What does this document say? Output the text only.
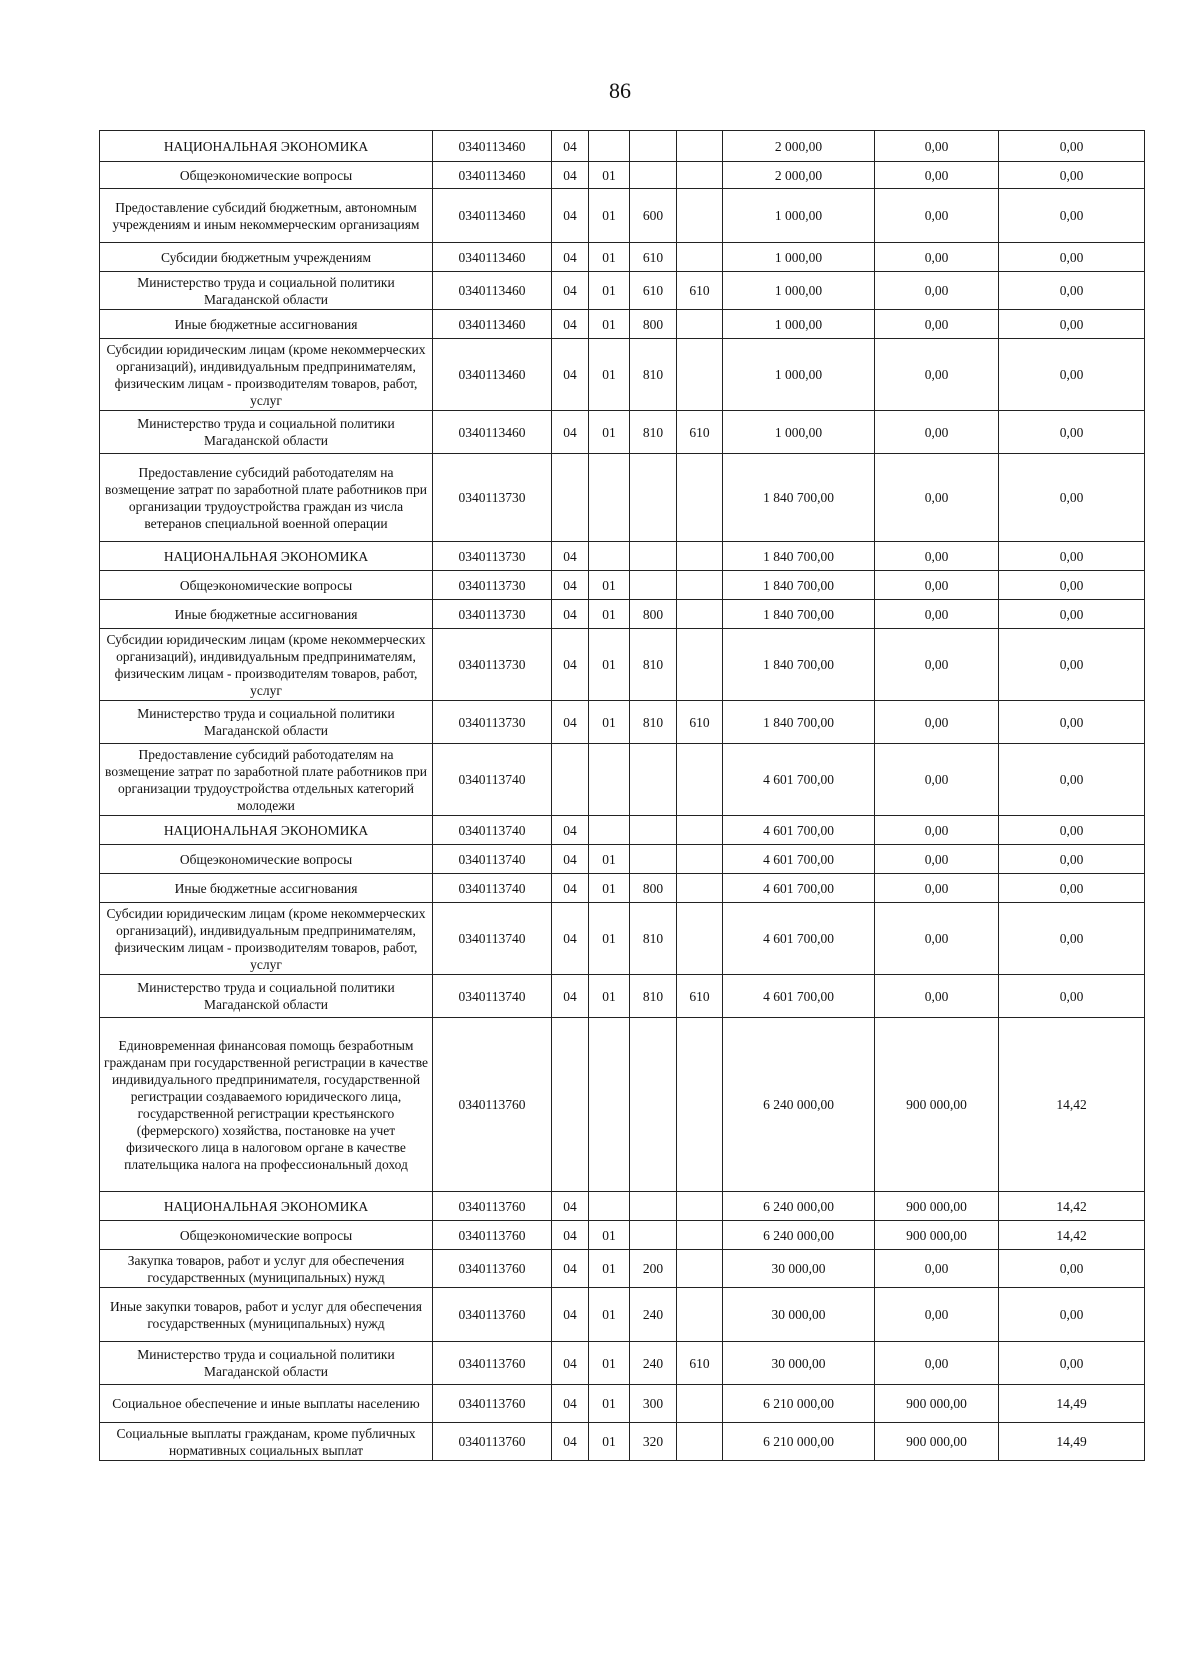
86
НАЦИОНАЛЬНАЯ ЭКОНОМИКА	0340113460	04				2 000,00	0,00	0,00
Общеэкономические вопросы	0340113460	04	01			2 000,00	0,00	0,00
Предоставление субсидий бюджетным, автономным учреждениям и иным некоммерческим организациям	0340113460	04	01	600		1 000,00	0,00	0,00
Субсидии бюджетным учреждениям	0340113460	04	01	610		1 000,00	0,00	0,00
Министерство труда и социальной политики Магаданской области	0340113460	04	01	610	610	1 000,00	0,00	0,00
Иные бюджетные ассигнования	0340113460	04	01	800		1 000,00	0,00	0,00
Субсидии юридическим лицам (кроме некоммерческих организаций), индивидуальным предпринимателям, физическим лицам - производителям товаров, работ, услуг	0340113460	04	01	810		1 000,00	0,00	0,00
Министерство труда и социальной политики Магаданской области	0340113460	04	01	810	610	1 000,00	0,00	0,00
Предоставление субсидий работодателям на возмещение затрат по заработной плате работников при организации трудоустройства граждан из числа ветеранов специальной военной операции	0340113730					1 840 700,00	0,00	0,00
НАЦИОНАЛЬНАЯ ЭКОНОМИКА	0340113730	04				1 840 700,00	0,00	0,00
Общеэкономические вопросы	0340113730	04	01			1 840 700,00	0,00	0,00
Иные бюджетные ассигнования	0340113730	04	01	800		1 840 700,00	0,00	0,00
Субсидии юридическим лицам (кроме некоммерческих организаций), индивидуальным предпринимателям, физическим лицам - производителям товаров, работ, услуг	0340113730	04	01	810		1 840 700,00	0,00	0,00
Министерство труда и социальной политики Магаданской области	0340113730	04	01	810	610	1 840 700,00	0,00	0,00
Предоставление субсидий работодателям на возмещение затрат по заработной плате работников при организации трудоустройства отдельных категорий молодежи	0340113740					4 601 700,00	0,00	0,00
НАЦИОНАЛЬНАЯ ЭКОНОМИКА	0340113740	04				4 601 700,00	0,00	0,00
Общеэкономические вопросы	0340113740	04	01			4 601 700,00	0,00	0,00
Иные бюджетные ассигнования	0340113740	04	01	800		4 601 700,00	0,00	0,00
Субсидии юридическим лицам (кроме некоммерческих организаций), индивидуальным предпринимателям, физическим лицам - производителям товаров, работ, услуг	0340113740	04	01	810		4 601 700,00	0,00	0,00
Министерство труда и социальной политики Магаданской области	0340113740	04	01	810	610	4 601 700,00	0,00	0,00
Единовременная финансовая помощь безработным гражданам при государственной регистрации в качестве индивидуального предпринимателя, государственной регистрации создаваемого юридического лица, государственной регистрации крестьянского (фермерского) хозяйства, постановке на учет физического лица в налоговом органе в качестве плательщика налога на профессиональный доход	0340113760					6 240 000,00	900 000,00	14,42
НАЦИОНАЛЬНАЯ ЭКОНОМИКА	0340113760	04				6 240 000,00	900 000,00	14,42
Общеэкономические вопросы	0340113760	04	01			6 240 000,00	900 000,00	14,42
Закупка товаров, работ и услуг для обеспечения государственных (муниципальных) нужд	0340113760	04	01	200		30 000,00	0,00	0,00
Иные закупки товаров, работ и услуг для обеспечения государственных (муниципальных) нужд	0340113760	04	01	240		30 000,00	0,00	0,00
Министерство труда и социальной политики Магаданской области	0340113760	04	01	240	610	30 000,00	0,00	0,00
Социальное обеспечение и иные выплаты населению	0340113760	04	01	300		6 210 000,00	900 000,00	14,49
Социальные выплаты гражданам, кроме публичных нормативных социальных выплат	0340113760	04	01	320		6 210 000,00	900 000,00	14,49
